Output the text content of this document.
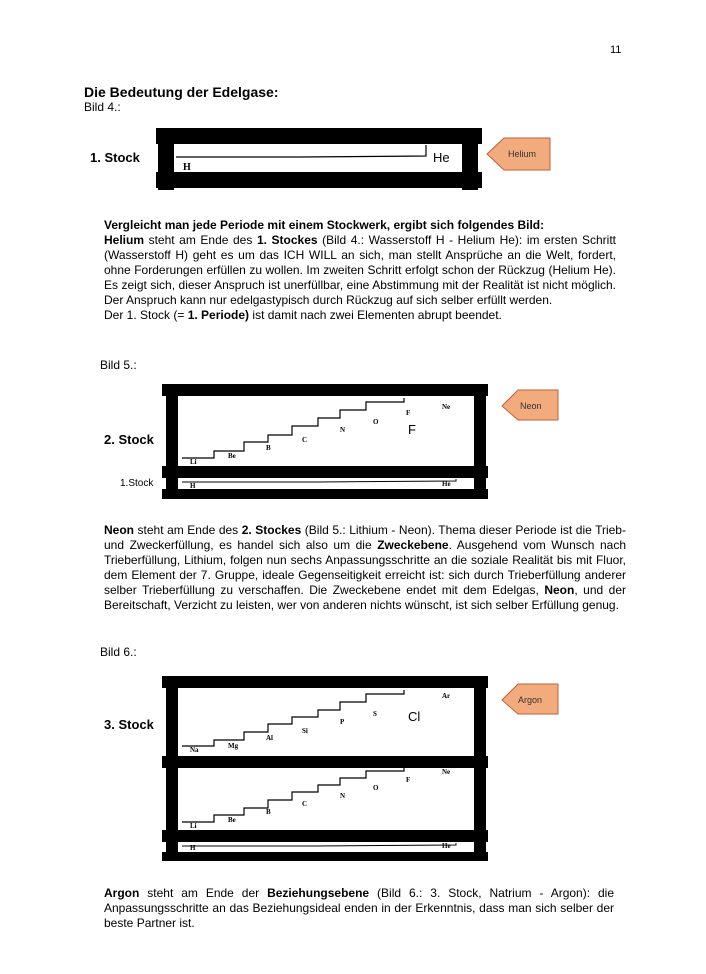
11
Die Bedeutung der Edelgase:
Bild 4.:
1. Stock
H
He	Helium
Vergleicht man jede Periode mit einem Stockwerk, ergibt sich folgendes Bild:
Helium steht am Ende des 1. Stockes (Bild 4.: Wasserstoff H - Helium He): im ersten Schritt (Wasserstoff H) geht es um das ICH WILL an sich, man stellt Ansprüche an die Welt, fordert, ohne Forderungen erfüllen zu wollen. Im zweiten Schritt erfolgt schon der Rückzug (Helium He). Es zeigt sich, dieser Anspruch ist unerfüllbar, eine Abstimmung mit der Realität ist nicht möglich. Der Anspruch kann nur edelgastypisch durch Rückzug auf sich selber erfüllt werden.
Der 1. Stock (= 1. Periode) ist damit nach zwei Elementen abrupt beendet.
Bild 5.:
2. Stock
1.Stock
Li
Be
B
C
N
O
F
Ne
H	He
F
Neon
Neon steht am Ende des 2. Stockes (Bild 5.: Lithium - Neon). Thema dieser Periode ist die Trieb- und Zweckerfüllung, es handel sich also um die Zweckebene. Ausgehend vom Wunsch nach Trieberfüllung, Lithium, folgen nun sechs Anpassungsschritte an die soziale Realität bis mit Fluor, dem Element der 7. Gruppe, ideale Gegenseitigkeit erreicht ist: sich durch Trieberfüllung anderer selber Trieberfüllung zu verschaffen. Die Zweckebene endet mit dem Edelgas, Neon, und der Bereitschaft, Verzicht zu leisten, wer von anderen nichts wünscht, ist sich selber Erfüllung genug.
Bild 6.:
3. Stock
Na	Mg
Al
Si
P
S
Ar
Li
Be
B
C
N
O
F
Ne
H	He
Cl
Argon
Argon steht am Ende der Beziehungsebene (Bild 6.: 3. Stock, Natrium - Argon): die Anpassungsschritte an das Beziehungsideal enden in der Erkenntnis, dass man sich selber der beste Partner ist.
